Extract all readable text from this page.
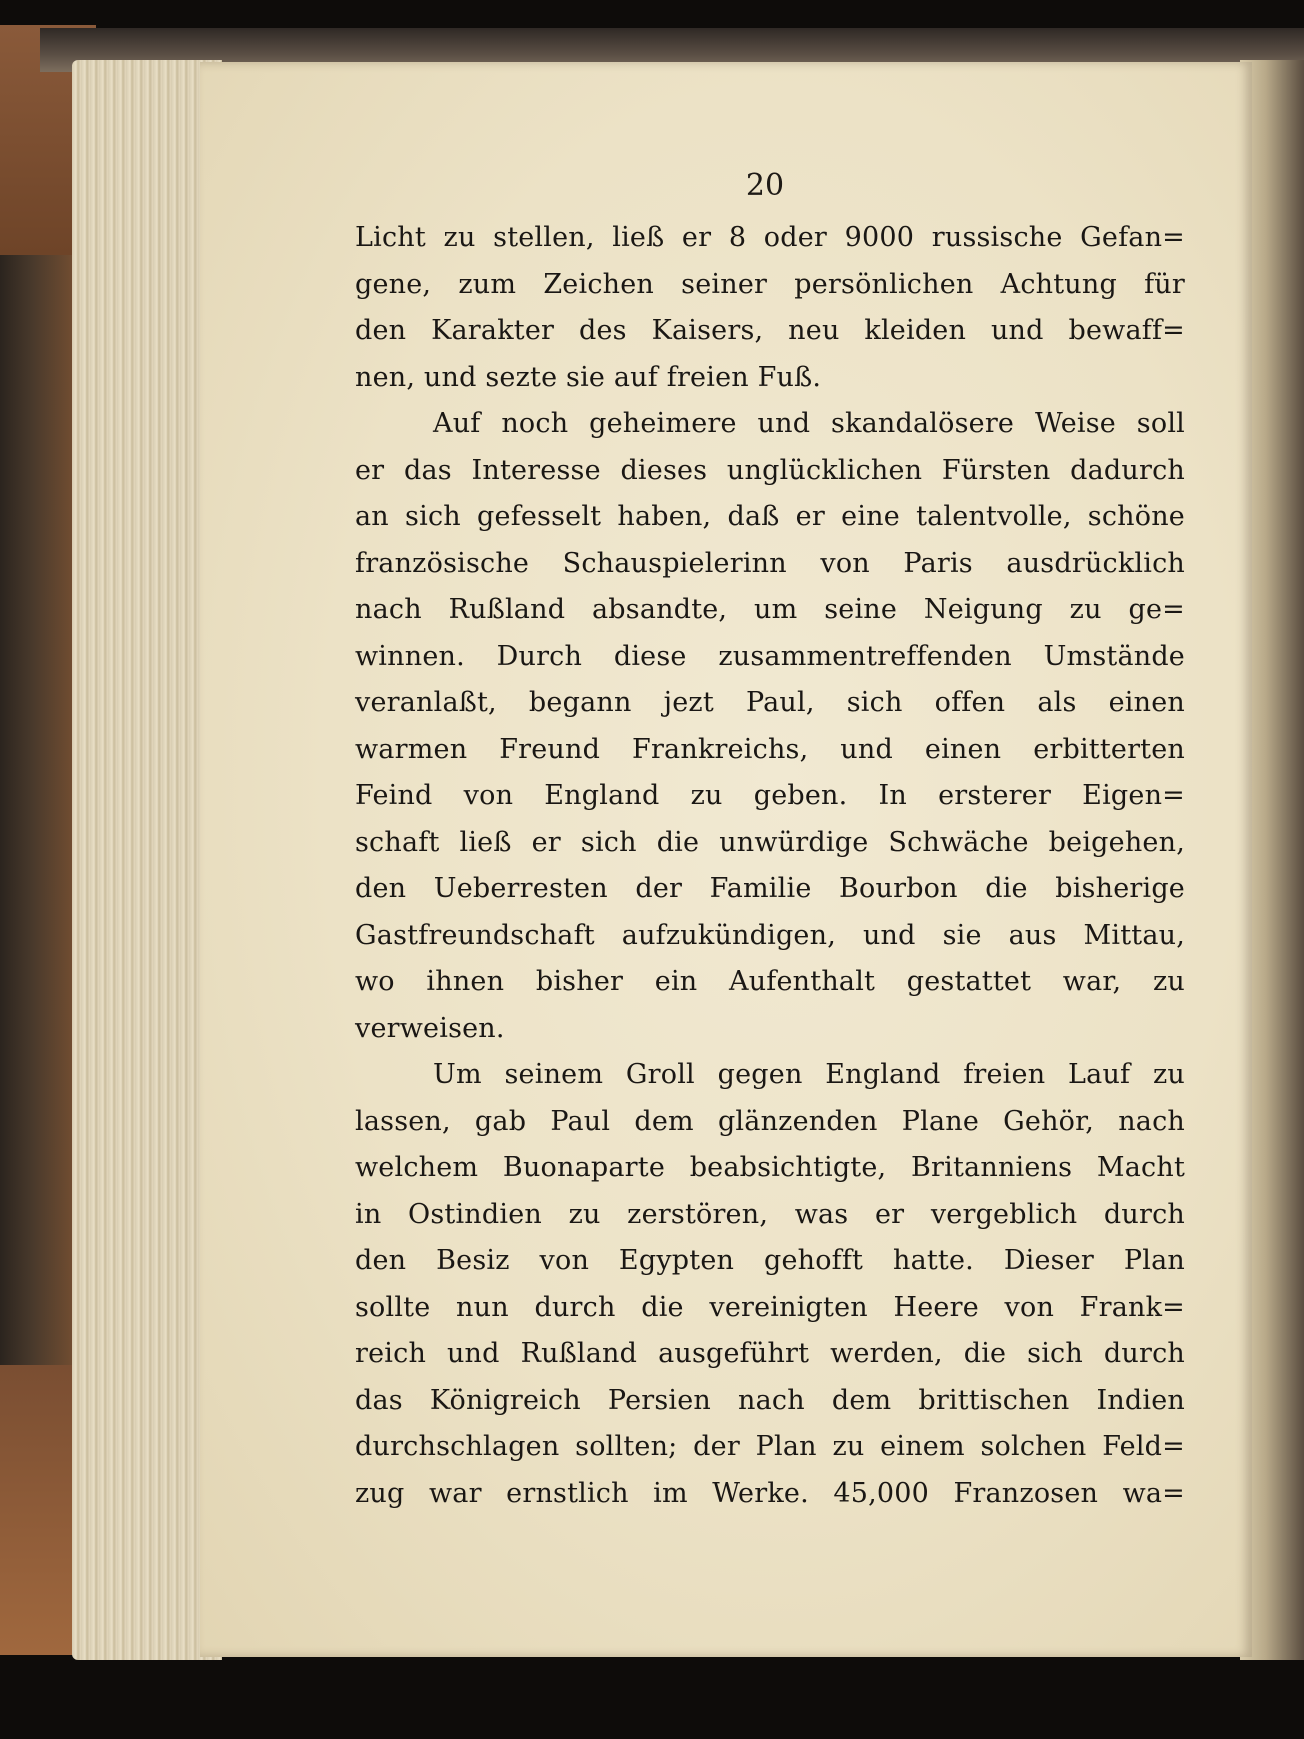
20
Licht zu stellen, ließ er 8 oder 9000 russische Gefan=
gene, zum Zeichen seiner persönlichen Achtung für
den Karakter des Kaisers, neu kleiden und bewaff=
nen, und sezte sie auf freien Fuß.
Auf noch geheimere und skandalösere Weise soll
er das Interesse dieses unglücklichen Fürsten dadurch
an sich gefesselt haben, daß er eine talentvolle, schöne
französische Schauspielerinn von Paris ausdrücklich
nach Rußland absandte, um seine Neigung zu ge=
winnen. Durch diese zusammentreffenden Umstände
veranlaßt, begann jezt Paul, sich offen als einen
warmen Freund Frankreichs, und einen erbitterten
Feind von England zu geben. In ersterer Eigen=
schaft ließ er sich die unwürdige Schwäche beigehen,
den Ueberresten der Familie Bourbon die bisherige
Gastfreundschaft aufzukündigen, und sie aus Mittau,
wo ihnen bisher ein Aufenthalt gestattet war, zu
verweisen.
Um seinem Groll gegen England freien Lauf zu
lassen, gab Paul dem glänzenden Plane Gehör, nach
welchem Buonaparte beabsichtigte, Britanniens Macht
in Ostindien zu zerstören, was er vergeblich durch
den Besiz von Egypten gehofft hatte. Dieser Plan
sollte nun durch die vereinigten Heere von Frank=
reich und Rußland ausgeführt werden, die sich durch
das Königreich Persien nach dem brittischen Indien
durchschlagen sollten; der Plan zu einem solchen Feld=
zug war ernstlich im Werke. 45,000 Franzosen wa=
